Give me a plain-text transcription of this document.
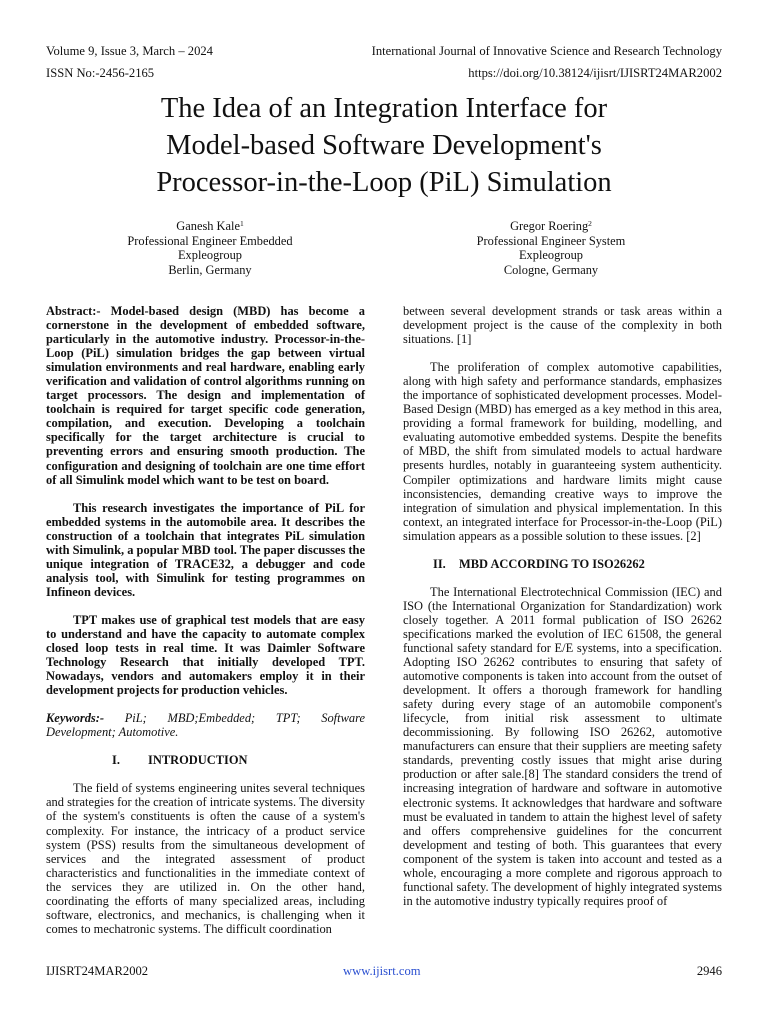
Volume 9, Issue 3, March – 2024	International Journal of Innovative Science and Research Technology
ISSN No:-2456-2165	https://doi.org/10.38124/ijisrt/IJISRT24MAR2002
The Idea of an Integration Interface for
Model-based Software Development's
Processor-in-the-Loop (PiL) Simulation
Ganesh Kale$^1$
Professional Engineer Embedded
Expleogroup
Berlin, Germany
Gregor Roering$^2$
Professional Engineer System
Expleogroup
Cologne, Germany

Abstract:- Model-based design (MBD) has become a cornerstone in the development of embedded software, particularly in the automotive industry. Processor-in-the-Loop (PiL) simulation bridges the gap between virtual simulation environments and real hardware, enabling early verification and validation of control algorithms running on target processors. The design and implementation of toolchain is required for target specific code generation, compilation, and execution. Developing a toolchain specifically for the target architecture is crucial to preventing errors and ensuring smooth production. The configuration and designing of toolchain are one time effort of all Simulink model which want to be test on board.

This research investigates the importance of PiL for embedded systems in the automobile area. It describes the construction of a toolchain that integrates PiL simulation with Simulink, a popular MBD tool. The paper discusses the unique integration of TRACE32, a debugger and code analysis tool, with Simulink for testing programmes on Infineon devices.

TPT makes use of graphical test models that are easy to understand and have the capacity to automate complex closed loop tests in real time. It was Daimler Software Technology Research that initially developed TPT. Nowadays, vendors and automakers employ it in their development projects for production vehicles.

Keywords:- PiL; MBD;Embedded; TPT; Software Development; Automotive.

I.	INTRODUCTION

The field of systems engineering unites several techniques and strategies for the creation of intricate systems. The diversity of the system's constituents is often the cause of a system's complexity. For instance, the intricacy of a product service system (PSS) results from the simultaneous development of services and the integrated assessment of product characteristics and functionalities in the immediate context of the services they are utilized in. On the other hand, coordinating the efforts of many specialized areas, including software, electronics, and mechanics, is challenging when it comes to mechatronic systems. The difficult coordination

between several development strands or task areas within a development project is the cause of the complexity in both situations. [1]

The proliferation of complex automotive capabilities, along with high safety and performance standards, emphasizes the importance of sophisticated development processes. Model-Based Design (MBD) has emerged as a key method in this area, providing a formal framework for building, modelling, and evaluating automotive embedded systems. Despite the benefits of MBD, the shift from simulated models to actual hardware presents hurdles, notably in guaranteeing system authenticity. Compiler optimizations and hardware limits might cause inconsistencies, demanding creative ways to improve the integration of simulation and physical implementation. In this context, an integrated interface for Processor-in-the-Loop (PiL) simulation appears as a possible solution to these issues. [2]

II.	MBD ACCORDING TO ISO26262

The International Electrotechnical Commission (IEC) and ISO (the International Organization for Standardization) work closely together. A 2011 formal publication of ISO 26262 specifications marked the evolution of IEC 61508, the general functional safety standard for E/E systems, into a specification. Adopting ISO 26262 contributes to ensuring that safety of automotive components is taken into account from the outset of development. It offers a thorough framework for handling safety during every stage of an automobile component's lifecycle, from initial risk assessment to ultimate decommissioning. By following ISO 26262, automotive manufacturers can ensure that their suppliers are meeting safety standards, preventing costly issues that might arise during production or after sale.[8] The standard considers the trend of increasing integration of hardware and software in automotive electronic systems. It acknowledges that hardware and software must be evaluated in tandem to attain the highest level of safety and offers comprehensive guidelines for the concurrent development and testing of both. This guarantees that every component of the system is taken into account and tested as a whole, encouraging a more complete and rigorous approach to functional safety. The development of highly integrated systems in the automotive industry typically requires proof of

IJISRT24MAR2002	www.ijisrt.com	2946
